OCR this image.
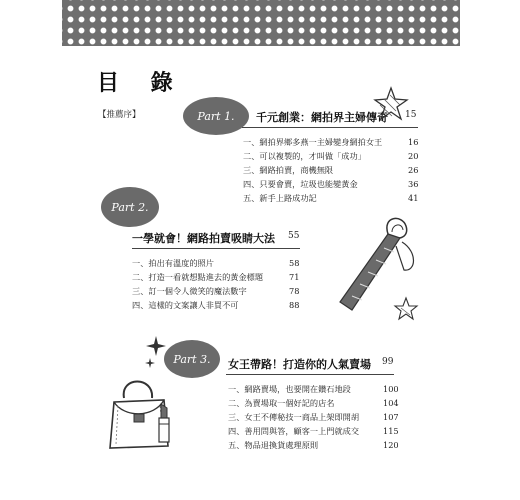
目 錄
【推薦序】	Part 1.	千元創業：網拍界主婦傳奇 15
一、網拍界鄉多燕一主婦變身網拍女王	16
二、可以複製的，才叫做「成功」	20
三、網路拍賣，商機無限	26
四、只要會賣，垃圾也能變黃金	36
五、新手上路成功記	41
Part 2.
一學就會！網路拍賣吸睛大法 55
一、拍出有溫度的照片	58
二、打造一看就想點進去的黃金標題	71
三、訂一個令人微笑的魔法數字	78
四、這樣的文案讓人非買不可	88
Part 3.	女王帶路！打造你的人氣賣場 99
一、網路賣場，也要開在鑽石地段	100
二、為賣場取一個好記的店名	104
三、女王不傳秘技一商品上架即開胡	107
四、善用問與答，顧客一上門就成交	115
五、物品退換貨處理原則	120
